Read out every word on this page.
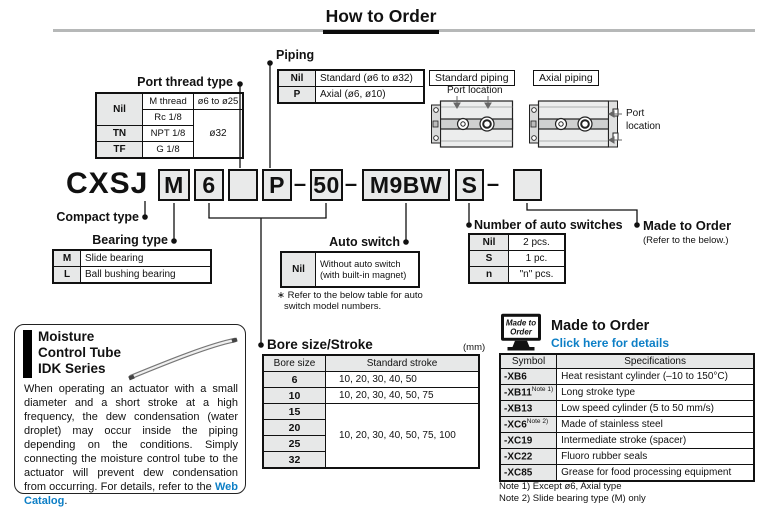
How to Order
Port thread type
Nil	M thread	ø6 to ø25
	Rc 1/8	ø32
TN	NPT 1/8	
TF	G 1/8	
Piping
Nil	Standard (ø6 to ø32)
P	Axial (ø6, ø10)
Standard piping	Axial piping
Port location
Port
location
CXSJ M 6	P – 50 – M9BW S –
Compact type
Bearing type
M	Slide bearing
L	Ball bushing bearing
Auto switch
Nil	
Without auto switch
(with built-in magnet)
∗ Refer to the below table for auto
switch model numbers.
Number of auto switches
Nil	2 pcs.
S	1 pc.
n	"n" pcs.
Made to Order
(Refer to the below.)
Moisture
Control Tube
IDK Series
When operating an actuator with a small diameter and a short stroke at a high frequency, the dew condensation (water droplet) may occur inside the piping depending on the conditions. Simply connecting the moisture control tube to the actuator will prevent dew condensation from occurring. For details, refer to the Web Catalog.
Bore size/Stroke	(mm)
Bore size	Standard stroke
6	10, 20, 30, 40, 50
10	10, 20, 30, 40, 50, 75
15	10, 20, 30, 40, 50, 75, 100
20	
25	
32	
Made to
Order Made to Order
Click here for details
Symbol	Specifications
-XB6	Heat resistant cylinder (–10 to 150°C)
$-XB11^{Note 1)}$	Long stroke type
-XB13	Low speed cylinder (5 to 50 mm/s)
$-XC6^{Note 2)}$	Made of stainless steel
-XC19	Intermediate stroke (spacer)
-XC22	Fluoro rubber seals
-XC85	Grease for food processing equipment
Note 1) Except ø6, Axial type
Note 2) Slide bearing type (M) only
